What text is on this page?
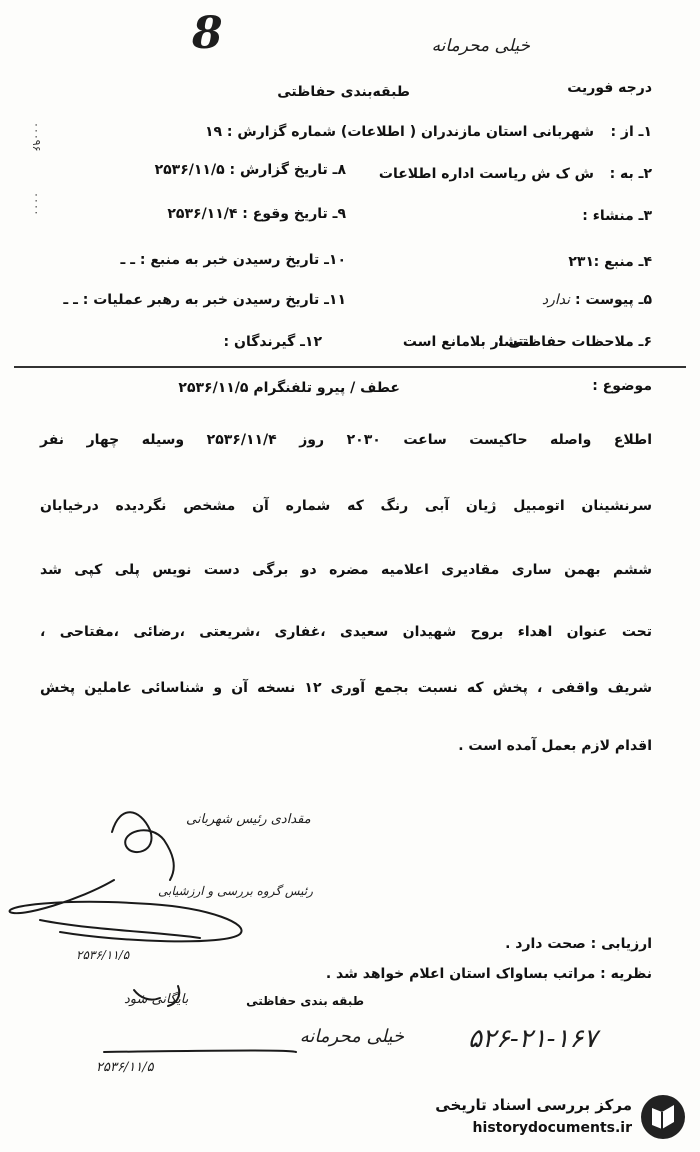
خیلی محرمانه
8
طبقه‌بندی حفاظتی	درجه فوریت
۰۰۰۹۶
۰۰۰۰
۱ـ از :
شهربانی استان مازندران ( اطلاعات) شماره گزارش : ۱۹
۲ـ به :
ش ک ش ریاست اداره اطلاعات
۸ـ تاریخ گزارش : ۲۵۳۶/۱۱/۵
۳ـ منشاء :
۹ـ تاریخ وقوع : ۲۵۳۶/۱۱/۴
۴ـ منبع :
۲۳۱
۱۰ـ تاریخ رسیدن خبر به منبع : ـ ـ
۵ـ پیوست :
ندارد
۱۱ـ تاریخ رسیدن خبر به رهبر عملیات : ـ ـ
۶ـ ملاحظات حفاظتی :
انتشار بلامانع است
۱۲ـ گیرندگان :
موضوع :
عطف / پیرو تلفنگرام ۲۵۳۶/۱۱/۵
اطلاع واصله حاکیست ساعت ۲۰۳۰ روز ۲۵۳۶/۱۱/۴ وسیله چهار نفر
سرنشینان اتومبیل ژیان آبی رنگ که شماره آن مشخص نگردیده درخیابان
ششم بهمن ساری مقادیری اعلامیه مضره دو برگی دست نویس پلی کپی شد
تحت عنوان اهداء بروح شهیدان سعیدی ،غفاری ،شریعتی ،رضائی ،مفتاحی ،
شریف واقفی ، پخش که نسبت بجمع آوری ۱۲ نسخه آن و شناسائی عاملین پخش
اقدام لازم بعمل آمده است .
مقدادی رئیس شهربانی
رئیس گروه بررسی و ارزشیابی
۲۵۳۶/۱۱/۵
بایگانی شود
۲۵۳۶/۱۱/۵
ارزیابی : صحت دارد .
نظریه : مراتب بساواک استان اعلام خواهد شد .
طبقه بندی حفاظتی
خیلی محرمانه ۵۲۶-۲۱-۱۶۷
مرکز بررسی اسناد تاریخی
historydocuments.ir
